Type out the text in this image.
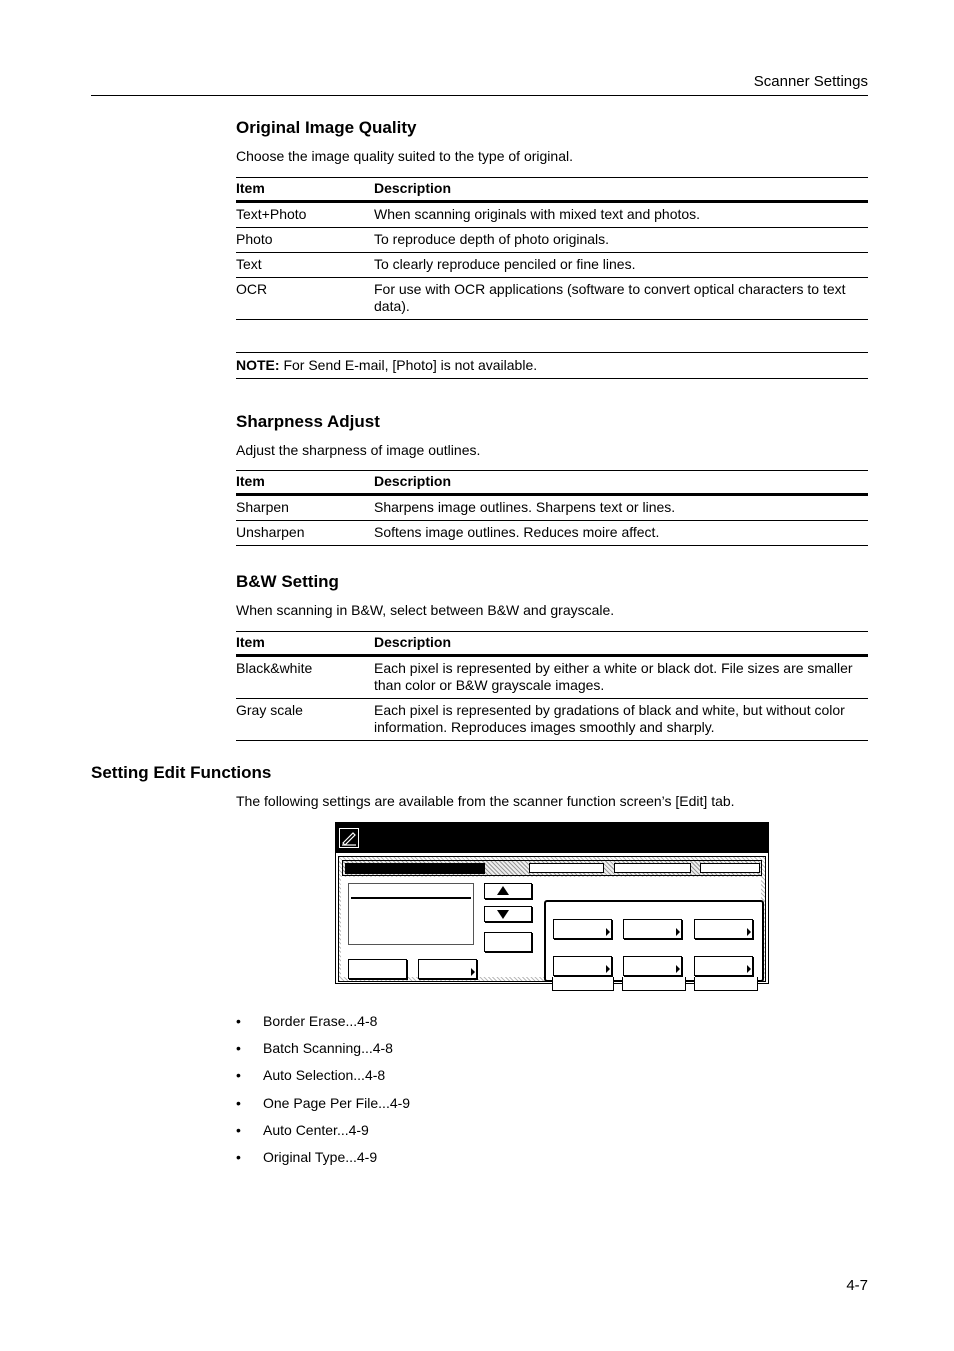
Scanner Settings
Original Image Quality
Choose the image quality suited to the type of original.
Item	Description
Text+Photo	When scanning originals with mixed text and photos.
Photo	To reproduce depth of photo originals.
Text	To clearly reproduce penciled or fine lines.
OCR	For use with OCR applications (software to convert optical characters to text data).
NOTE: For Send E-mail, [Photo] is not available.
Sharpness Adjust
Adjust the sharpness of image outlines.
Item	Description
Sharpen	Sharpens image outlines. Sharpens text or lines.
Unsharpen	Softens image outlines. Reduces moire affect.
B&W Setting
When scanning in B&W, select between B&W and grayscale.
Item	Description
Black&white	Each pixel is represented by either a white or black dot. File sizes are smaller than color or B&W grayscale images.
Gray scale	Each pixel is represented by gradations of black and white, but without color information. Reproduces images smoothly and sharply.
Setting Edit Functions
The following settings are available from the scanner function screen’s [Edit] tab.
• Border Erase...4-8
• Batch Scanning...4-8
• Auto Selection...4-8
• One Page Per File...4-9
• Auto Center...4-9
• Original Type...4-9
4-7
